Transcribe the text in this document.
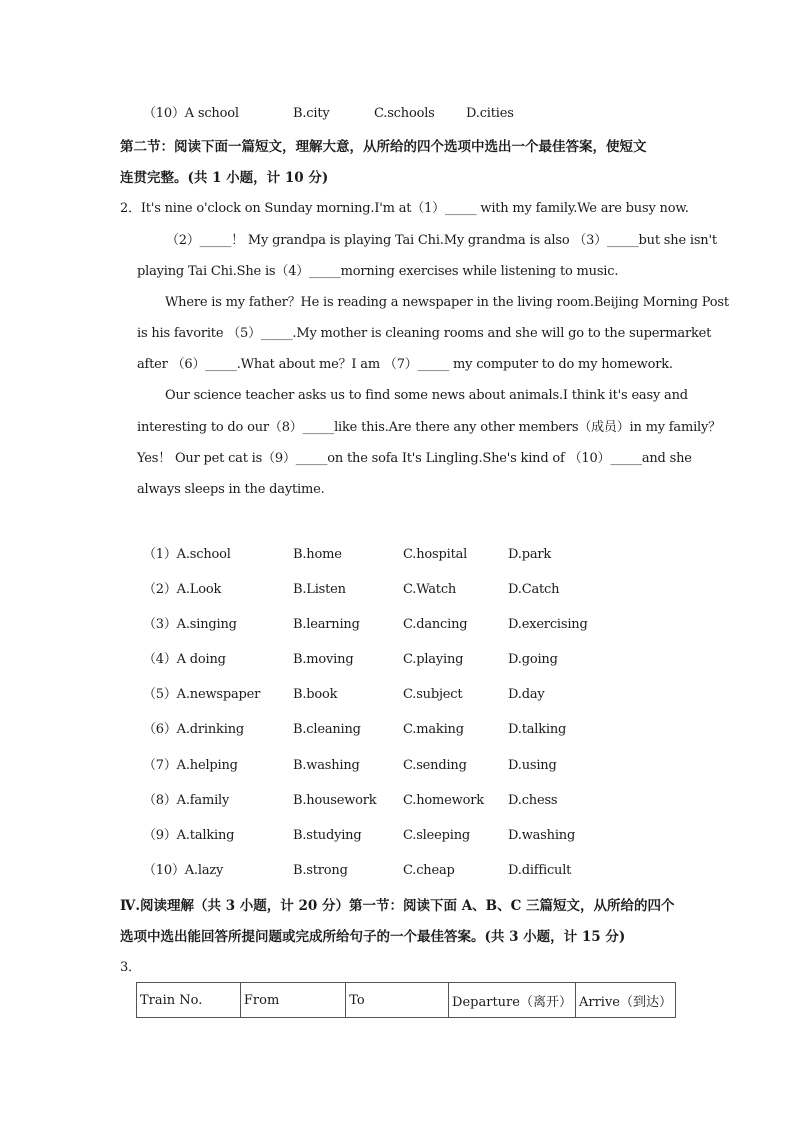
（10）A school	B.city	C.schools D.cities
第二节：阅读下面一篇短文，理解大意，从所给的四个选项中选出一个最佳答案，使短文
连贯完整。(共 1 小题，计 10 分)
2．It's nine o'clock on Sunday morning.I'm at（1）_____ with my family.We are busy now.
（2）_____！ My grandpa is playing Tai Chi.My grandma is also （3）_____but she isn't
playing Tai Chi.She is（4）_____morning exercises while listening to music.
Where is my father？He is reading a newspaper in the living room.Beijing Morning Post
is his favorite （5）_____.My mother is cleaning rooms and she will go to the supermarket
after （6）_____.What about me？I am （7）_____ my computer to do my homework.
Our science teacher asks us to find some news about animals.I think it's easy and
interesting to do our（8）_____like this.Are there any other members（成员）in my family？
Yes！ Our pet cat is（9）_____on the sofa It's Lingling.She's kind of （10）_____and she
always sleeps in the daytime.
（1）A.school	B.home	C.hospital	D.park
（2）A.Look	B.Listen	C.Watch	D.Catch
（3）A.singing	B.learning	C.dancing	D.exercising
（4）A doing	B.moving	C.playing	D.going
（5）A.newspaper	B.book	C.subject	D.day
（6）A.drinking	B.cleaning	C.making	D.talking
（7）A.helping	B.washing	C.sending	D.using
（8）A.family	B.housework C.homework D.chess
（9）A.talking	B.studying	C.sleeping	D.washing
（10）A.lazy	B.strong	C.cheap	D.difficult
Ⅳ.阅读理解（共 3 小题，计 20 分）第一节：阅读下面 A、B、C 三篇短文，从所给的四个
选项中选出能回答所提问题或完成所给句子的一个最佳答案。(共 3 小题，计 15 分)
3．
Train No.	From	To	Departure（离开）	Arrive（到达）
